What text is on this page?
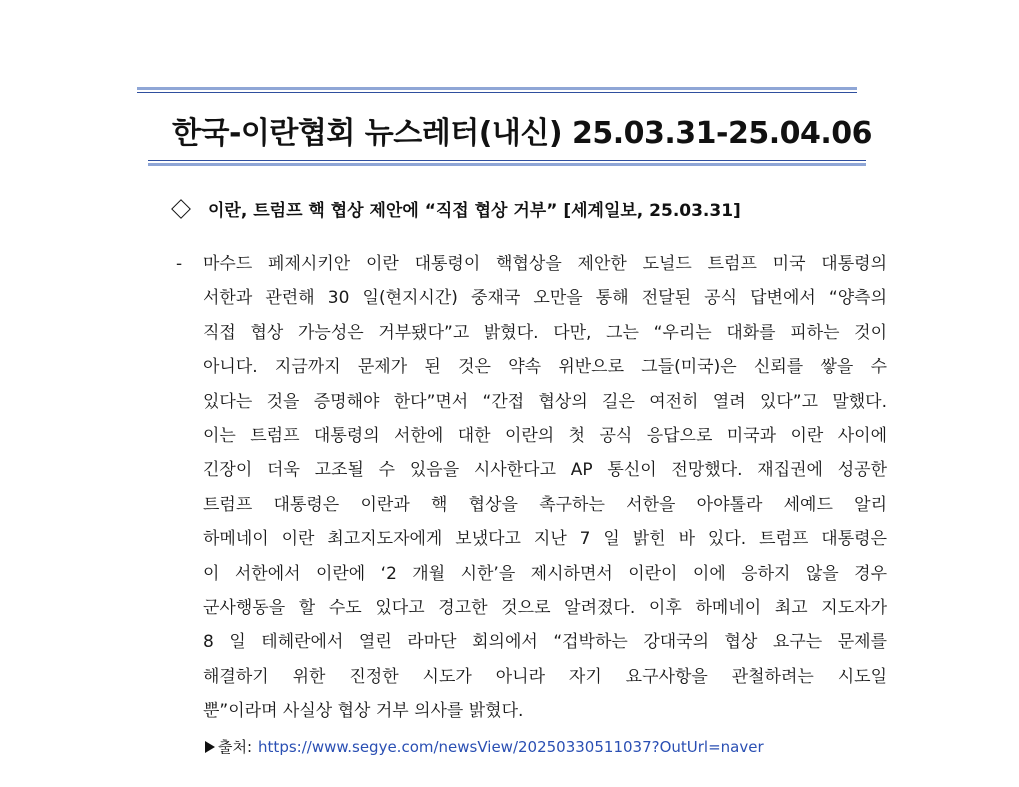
한국-이란협회 뉴스레터(내신) 25.03.31-25.04.06
이란, 트럼프 핵 협상 제안에 “직접 협상 거부” [세계일보, 25.03.31]
- 마수드 페제시키안 이란 대통령이 핵협상을 제안한 도널드 트럼프 미국 대통령의
서한과 관련해 30 일(현지시간) 중재국 오만을 통해 전달된 공식 답변에서 “양측의
직접 협상 가능성은 거부됐다”고 밝혔다. 다만, 그는 “우리는 대화를 피하는 것이
아니다. 지금까지 문제가 된 것은 약속 위반으로 그들(미국)은 신뢰를 쌓을 수
있다는 것을 증명해야 한다”면서 “간접 협상의 길은 여전히 열려 있다”고 말했다.
이는 트럼프 대통령의 서한에 대한 이란의 첫 공식 응답으로 미국과 이란 사이에
긴장이 더욱 고조될 수 있음을 시사한다고 AP 통신이 전망했다. 재집권에 성공한
트럼프 대통령은 이란과 핵 협상을 촉구하는 서한을 아야톨라 세예드 알리
하메네이 이란 최고지도자에게 보냈다고 지난 7 일 밝힌 바 있다. 트럼프 대통령은
이 서한에서 이란에 ‘2 개월 시한’을 제시하면서 이란이 이에 응하지 않을 경우
군사행동을 할 수도 있다고 경고한 것으로 알려졌다. 이후 하메네이 최고 지도자가
8 일 테헤란에서 열린 라마단 회의에서 “겁박하는 강대국의 협상 요구는 문제를
해결하기 위한 진정한 시도가 아니라 자기 요구사항을 관철하려는 시도일
뿐”이라며 사실상 협상 거부 의사를 밝혔다.
출처: https://www.segye.com/newsView/20250330511037?OutUrl=naver
